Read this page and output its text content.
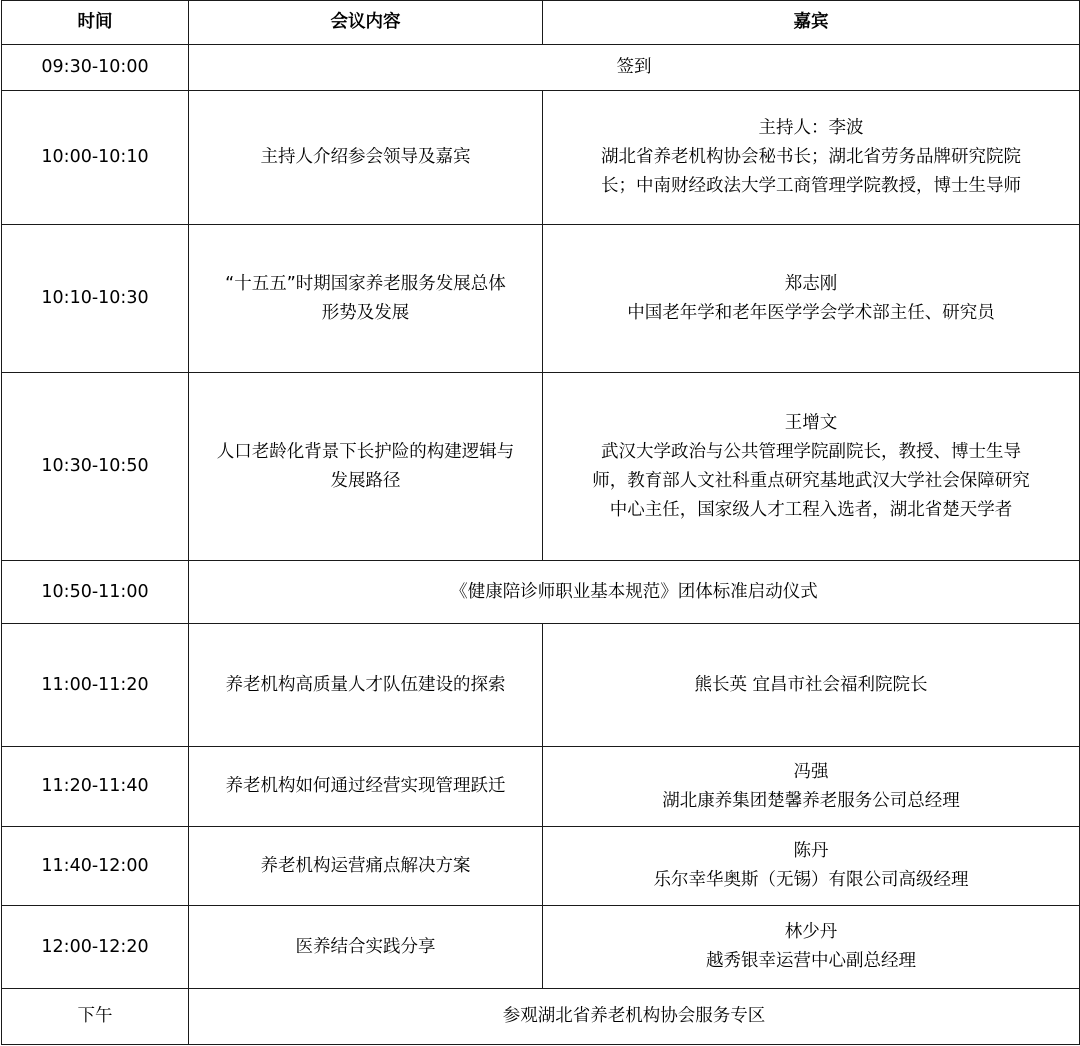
时间	会议内容	嘉宾
09:30-10:00	签到	
10:00-10:10	主持人介绍参会领导及嘉宾	主持人：李波
湖北省养老机构协会秘书长；湖北省劳务品牌研究院院
长；中南财经政法大学工商管理学院教授，博士生导师

10:10-10:30	“十五五”时期国家养老服务发展总体
形势及发展	郑志刚
中国老年学和老年医学学会学术部主任、研究员

10:30-10:50	人口老龄化背景下长护险的构建逻辑与
发展路径	王增文
武汉大学政治与公共管理学院副院长，教授、博士生导
师，教育部人文社科重点研究基地武汉大学社会保障研究
中心主任，国家级人才工程入选者，湖北省楚天学者

10:50-11:00	《健康陪诊师职业基本规范》团体标准启动仪式	
11:00-11:20	养老机构高质量人才队伍建设的探索	熊长英 宜昌市社会福利院院长

11:20-11:40	养老机构如何通过经营实现管理跃迁	冯强
湖北康养集团楚馨养老服务公司总经理

11:40-12:00	养老机构运营痛点解决方案	陈丹
乐尔幸华奥斯（无锡）有限公司高级经理

12:00-12:20	医养结合实践分享	林少丹
越秀银幸运营中心副总经理

下午	参观湖北省养老机构协会服务专区	
